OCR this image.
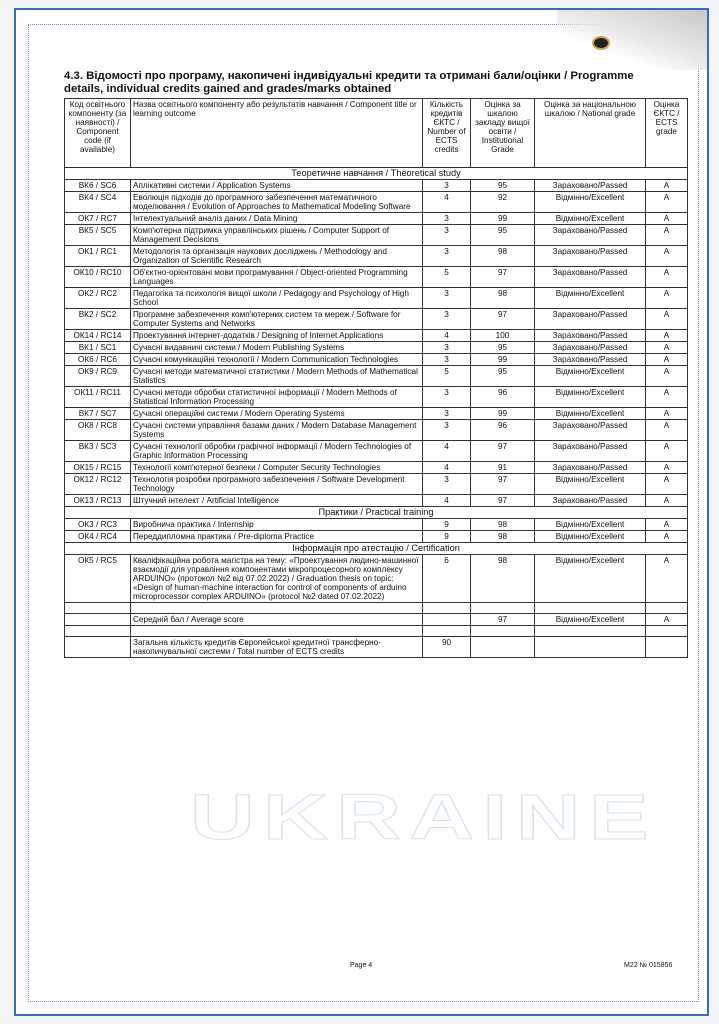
UKRAINE
4.3. Відомості про програму, накопичені індивідуальні кредити та отримані бали/оцінки / Programme details, individual credits gained and grades/marks obtained
Код освітнього компоненту (за наявності) / Component code (if available)	Назва освітнього компоненту або результатів навчання / Component title or learning outcome	Кількість кредитів ЄКТС / Number of ECTS credits	Оцінка за шкалою закладу вищої освіти / Institutional Grade	Оцінка за національною шкалою / National grade	Оцінка ЄКТС / ECTS grade
Теоретичне навчання / Theoretical study					
ВК6 / SC6	Аплікативні системи / Application Systems	3	95	Зараховано/Passed	A
ВК4 / SC4	Еволюція підходів до програмного забезпечення математичного моделювання / Evolution of Approaches to Mathematical Modeling Software	4	92	Відмінно/Excellent	A
ОК7 / RC7	Інтелектуальний аналіз даних / Data Mining	3	99	Відмінно/Excellent	A
ВК5 / SC5	Комп'ютерна підтримка управлінських рішень / Computer Support of Management Decisions	3	95	Зараховано/Passed	A
ОК1 / RC1	Методологія та організація наукових досліджень / Methodology and Organization of Scientific Research	3	98	Зараховано/Passed	A
ОК10 / RC10	Об'єктно-орієнтовані мови програмування / Object-oriented Programming Languages	5	97	Зараховано/Passed	A
ОК2 / RC2	Педагогіка та психологія вищої школи / Pedagogy and Psychology of High School	3	98	Відмінно/Excellent	A
ВК2 / SC2	Програмне забезпечення комп'ютерних систем та мереж / Software for Computer Systems and Networks	3	97	Зараховано/Passed	A
ОК14 / RC14	Проектування інтернет-додатків / Designing of Internet Applications	4	100	Зараховано/Passed	A
ВК1 / SC1	Сучасні видавничі системи / Modern Publishing Systems	3	95	Зараховано/Passed	A
ОК6 / RC6	Сучасні комунікаційні технології / Modern Communication Technologies	3	99	Зараховано/Passed	A
ОК9 / RC9	Сучасні методи математичної статистики / Modern Methods of Mathematical Statistics	5	95	Відмінно/Excellent	A
ОК11 / RC11	Сучасні методи обробки статистичної інформації / Modern Methods of Statistical Information Processing	3	96	Відмінно/Excellent	A
ВК7 / SC7	Сучасні операційні системи / Modern Operating Systems	3	99	Відмінно/Excellent	A
ОК8 / RC8	Сучасні системи управління базами даних / Modern Database Management Systems	3	96	Зараховано/Passed	A
ВК3 / SC3	Сучасні технології обробки графічної інформації / Modern Technologies of Graphic Information Processing	4	97	Зараховано/Passed	A
ОК15 / RC15	Технології комп'ютерної безпеки / Computer Security Technologies	4	91	Зараховано/Passed	A
ОК12 / RC12	Технологія розробки програмного забезпечення / Software Development Technology	3	97	Відмінно/Excellent	A
ОК13 / RC13	Штучний інтелект / Artificial Intelligence	4	97	Зараховано/Passed	A
Практики / Practical training					
ОК3 / RC3	Виробнича практика / Internship	9	98	Відмінно/Excellent	A
ОК4 / RC4	Переддипломна практика / Pre-diploma Practice	9	98	Відмінно/Excellent	A
Інформація про атестацію / Certification					
ОК5 / RC5	Кваліфікаційна робота магістра на тему: «Проектування людино-машинної взаємодії для управління компонентами мікропроцесорного комплексу ARDUINO» (протокол №2 від 07.02.2022) / Graduation thesis on topic: «Design of human-machine interaction for control of components of arduino microprocessor complex ARDUINO» (protocol №2 dated 07.02.2022)	6	98	Відмінно/Excellent	A

	Середній бал / Average score		97	Відмінно/Excellent	A

	Загальна кількість кредитів Європейської кредитної трансферно-накопичувальної системи / Total number of ECTS credits	90			
Page 4	M22 № 015856
